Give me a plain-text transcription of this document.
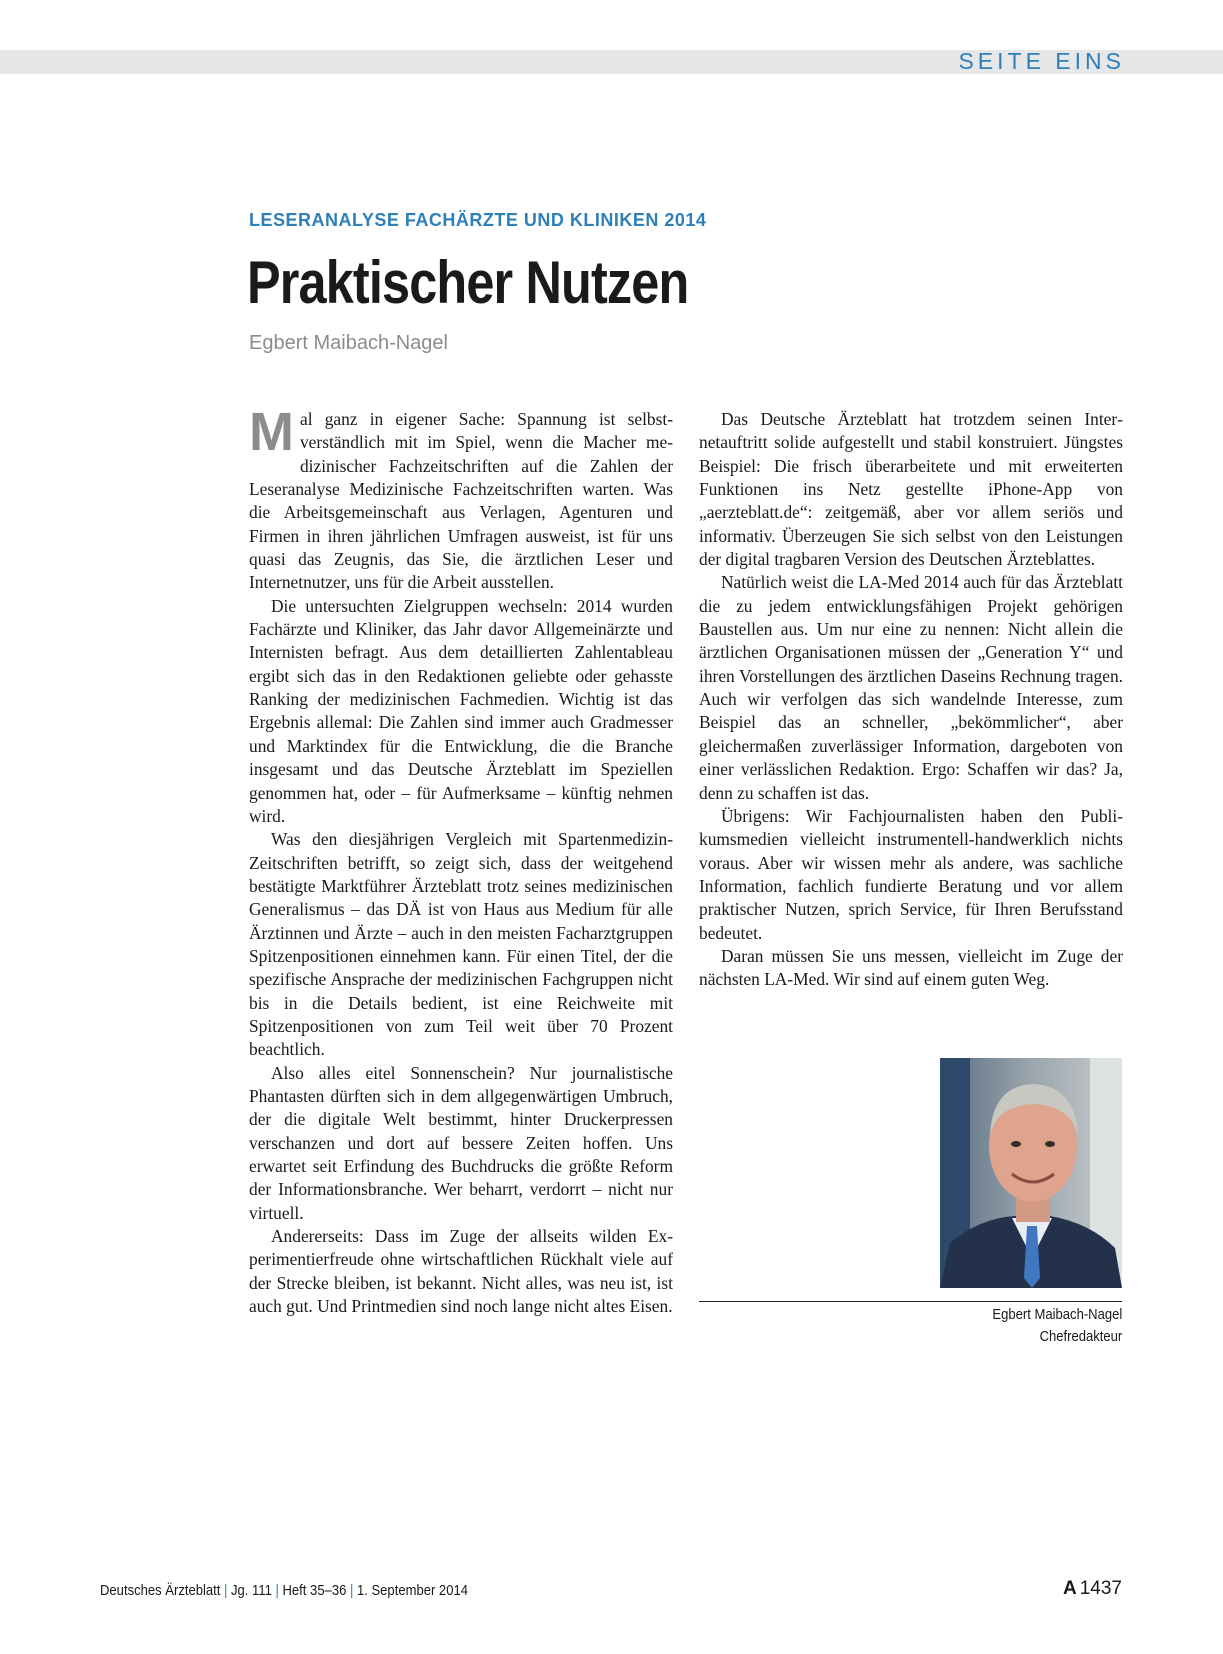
SEITE EINS
LESERANALYSE FACHÄRZTE UND KLINIKEN 2014
Praktischer Nutzen
Egbert Maibach-Nagel

Mal ganz in eigener Sache: Spannung ist selbstverständlich mit im Spiel, wenn die Macher medizinischer Fachzeitschriften auf die Zahlen der Leseranalyse Medizinische Fachzeitschriften warten. Was die Arbeitsgemeinschaft aus Verlagen, Agenturen und Firmen in ihren jährlichen Umfragen ausweist, ist für uns quasi das Zeugnis, das Sie, die ärztlichen Leser und Internetnutzer, uns für die Arbeit ausstellen.

Die untersuchten Zielgruppen wechseln: 2014 wurden Fachärzte und Kliniker, das Jahr davor Allgemeinärzte und Internisten befragt. Aus dem detaillierten Zahlentableau ergibt sich das in den Redaktionen geliebte oder gehasste Ranking der medizinischen Fachmedien. Wichtig ist das Ergebnis allemal: Die Zahlen sind immer auch Gradmesser und Marktindex für die Entwicklung, die die Branche insgesamt und das Deutsche Ärzteblatt im Speziellen genommen hat, oder – für Aufmerksame – künftig nehmen wird.

Was den diesjährigen Vergleich mit Spartenmedizin-Zeitschriften betrifft, so zeigt sich, dass der weitgehend bestätigte Marktführer Ärzteblatt trotz seines medizinischen Generalismus – das DÄ ist von Haus aus Medium für alle Ärztinnen und Ärzte – auch in den meisten Facharztgruppen Spitzenpositionen einnehmen kann. Für einen Titel, der die spezifische Ansprache der medizinischen Fachgruppen nicht bis in die Details bedient, ist eine Reichweite mit Spitzenpositionen von zum Teil weit über 70 Prozent beachtlich.

Also alles eitel Sonnenschein? Nur journalistische Phantasten dürften sich in dem allgegenwärtigen Umbruch, der die digitale Welt bestimmt, hinter Druckerpressen verschanzen und dort auf bessere Zeiten hoffen. Uns erwartet seit Erfindung des Buchdrucks die größte Reform der Informationsbranche. Wer beharrt, verdorrt – nicht nur virtuell.

Andererseits: Dass im Zuge der allseits wilden Experimentierfreude ohne wirtschaftlichen Rückhalt viele auf der Strecke bleiben, ist bekannt. Nicht alles, was neu ist, ist auch gut. Und Printmedien sind noch lange nicht altes Eisen.

Das Deutsche Ärzteblatt hat trotzdem seinen Internetauftritt solide aufgestellt und stabil konstruiert. Jüngstes Beispiel: Die frisch überarbeitete und mit erweiterten Funktionen ins Netz gestellte iPhone-App von „aerzteblatt.de“: zeitgemäß, aber vor allem seriös und informativ. Überzeugen Sie sich selbst von den Leistungen der digital tragbaren Version des Deutschen Ärzteblattes.

Natürlich weist die LA-Med 2014 auch für das Ärzteblatt die zu jedem entwicklungsfähigen Projekt gehörigen Baustellen aus. Um nur eine zu nennen: Nicht allein die ärztlichen Organisationen müssen der „Generation Y“ und ihren Vorstellungen des ärztlichen Daseins Rechnung tragen. Auch wir verfolgen das sich wandelnde Interesse, zum Beispiel das an schneller, „bekömmlicher“, aber gleichermaßen zuverlässiger Information, dargeboten von einer verlässlichen Redaktion. Ergo: Schaffen wir das? Ja, denn zu schaffen ist das.

Übrigens: Wir Fachjournalisten haben den Publikumsmedien vielleicht instrumentell-handwerklich nichts voraus. Aber wir wissen mehr als andere, was sachliche Information, fachlich fundierte Beratung und vor allem praktischer Nutzen, sprich Service, für Ihren Berufsstand bedeutet.

Daran müssen Sie uns messen, vielleicht im Zuge der nächsten LA-Med. Wir sind auf einem guten Weg.

Egbert Maibach-Nagel
Chefredakteur
Deutsches Ärzteblatt | Jg. 111 | Heft 35–36 | 1. September 2014	A 1437
